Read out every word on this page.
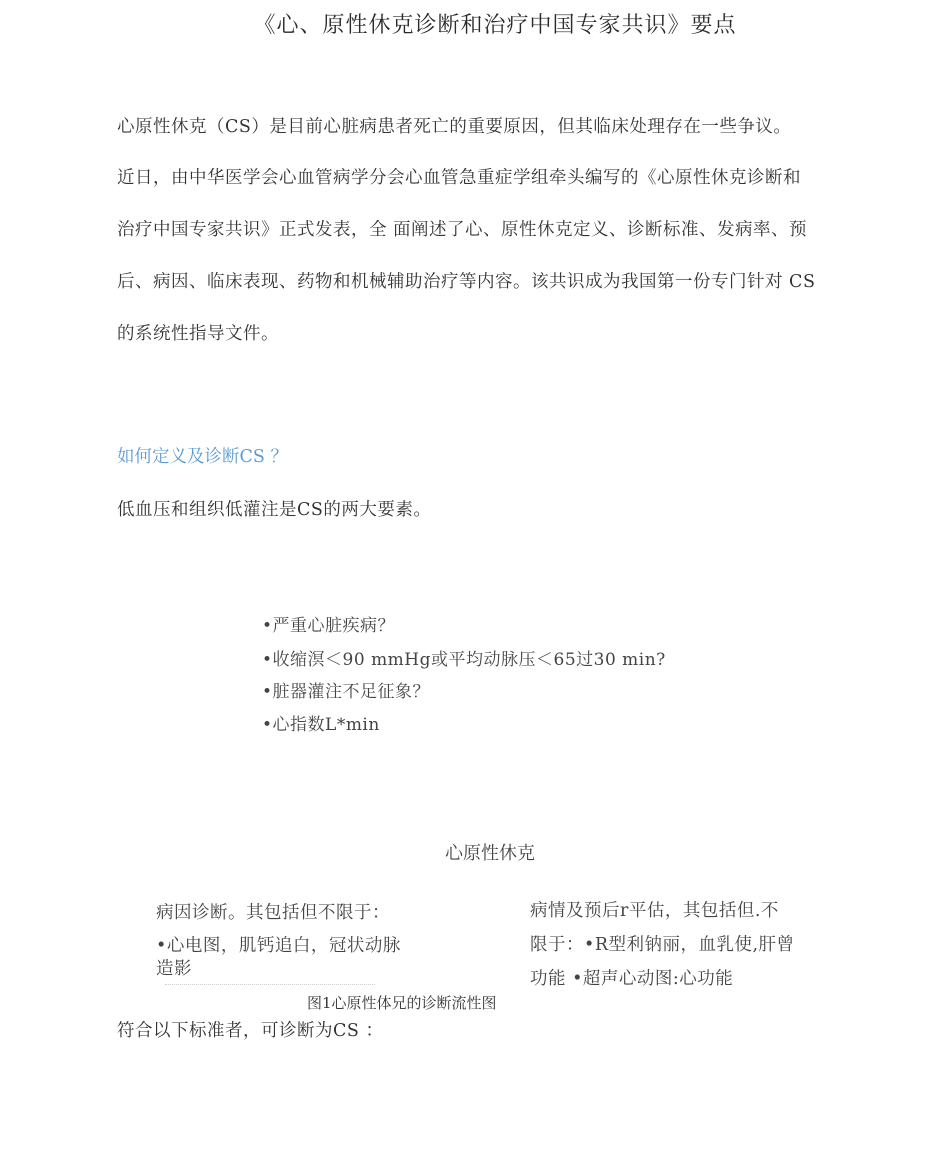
《心、原性休克诊断和治疗中国专家共识》要点
心原性休克（CS）是目前心脏病患者死亡的重要原因，但其临床处理存在一些争议。
近日，由中华医学会心血管病学分会心血管急重症学组牵头编写的《心原性休克诊断和
治疗中国专家共识》正式发表，全 面阐述了心、原性休克定义、诊断标准、发病率、预
后、病因、临床表现、药物和机械辅助治疗等内容。该共识成为我国第一份专门针对 CS
的系统性指导文件。
如何定义及诊断CS ？
低血压和组织低灌注是CS的两大要素。
•严重心脏疾病？
•收缩溟＜90 mmHg或平均动脉压＜65过30 min?
•脏器灌注不足征象？
•心指数L*min
心原性休克
病因诊断。其包括但不限于：
•心电图，肌钙追白，冠状动脉
造影
病情及预后r平估，其包括但.不
限于：•R型利钠丽，血乳使,肝曾
功能 •超声心动图:心功能
图1心原性体兄的诊断流性图
符合以下标准者，可诊断为CS ：
